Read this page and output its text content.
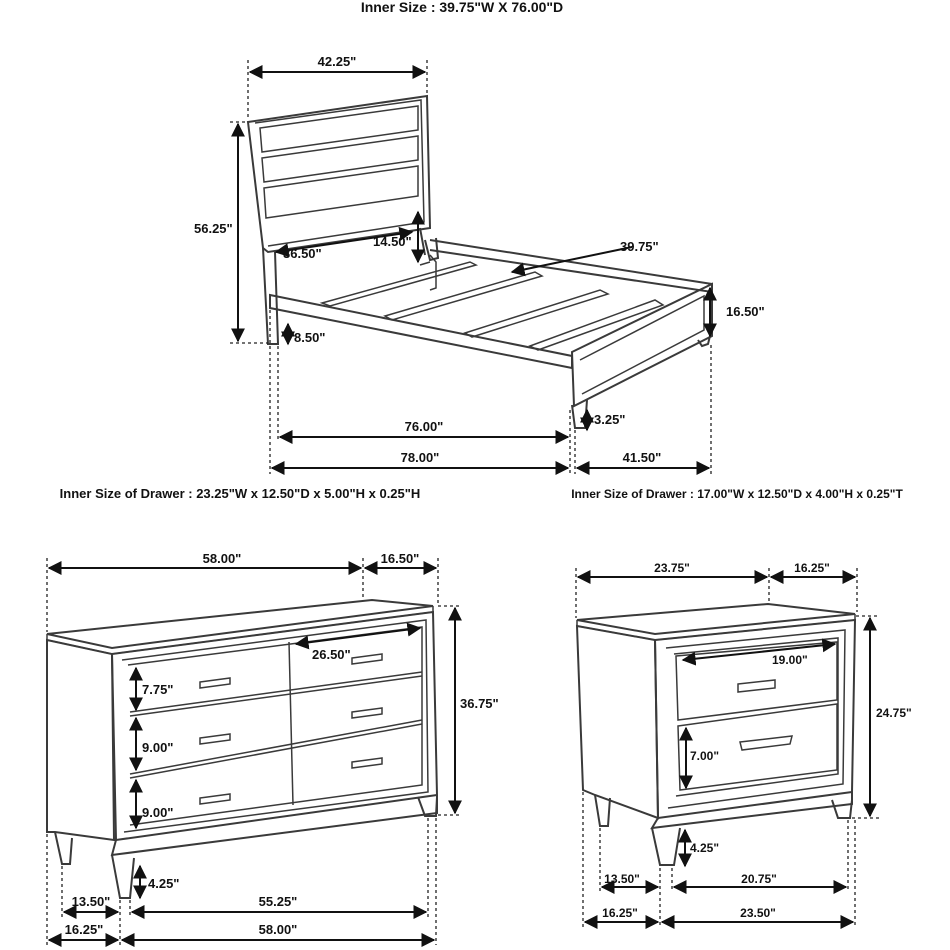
Inner Size : 39.75"W X 76.00"D
42.25"
56.25"
36.50"
14.50"	39.75"
16.50"
8.50"
3.25"
76.00"
78.00"	41.50"
Inner Size of Drawer : 23.25"W x 12.50"D x 5.00"H x 0.25"H
58.00"	16.50"
26.50"
36.75"
7.75"
9.00"
9.00"
4.25"
13.50"	55.25"
16.25"	58.00"
Inner Size of Drawer : 17.00"W x 12.50"D x 4.00"H x 0.25"T
23.75"	16.25"
19.00"
24.75"
7.00"
4.25"
13.50"	20.75"
16.25"	23.50"
